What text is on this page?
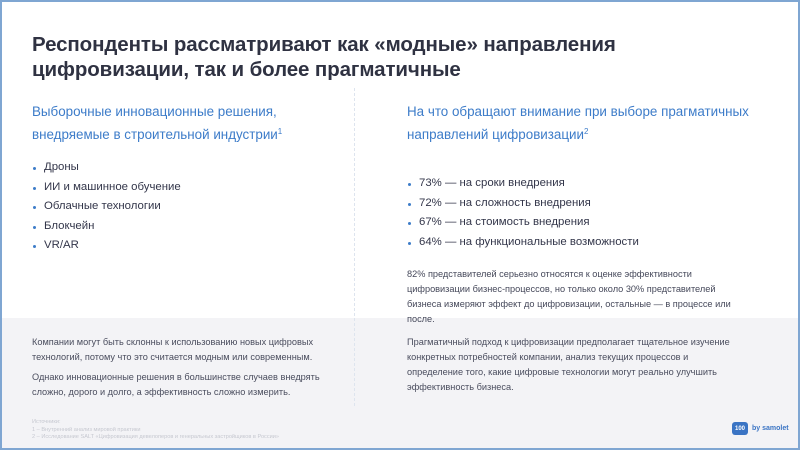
Респонденты рассматривают как «модные» направления цифровизации, так и более прагматичные
Выборочные инновационные решения, внедряемые в строительной индустрии$^1$
Дроны
ИИ и машинное обучение
Облачные технологии
Блокчейн
VR/AR
На что обращают внимание при выборе прагматичных направлений цифровизации$^2$
73% — на сроки внедрения
72% — на сложность внедрения
67% — на стоимость внедрения
64% — на функциональные возможности

82% представителей серьезно относятся к оценке эффективности цифровизации бизнес-процессов, но только около 30% представителей бизнеса измеряют эффект до цифровизации, остальные — в процессе или после.

Компании могут быть склонны к использованию новых цифровых технологий, потому что это считается модным или современным.

Однако инновационные решения в большинстве случаев внедрять сложно, дорого и долго, а эффективность сложно измерить.

Прагматичный подход к цифровизации предполагает тщательное изучение конкретных потребностей компании, анализ текущих процессов и определение того, какие цифровые технологии могут реально улучшить эффективность бизнеса.

Источники:
1 – Внутренний анализ мировой практики
2 – Исследование SALT «Цифровизация девелоперов и генеральных застройщиков в России»
100	by samolet
